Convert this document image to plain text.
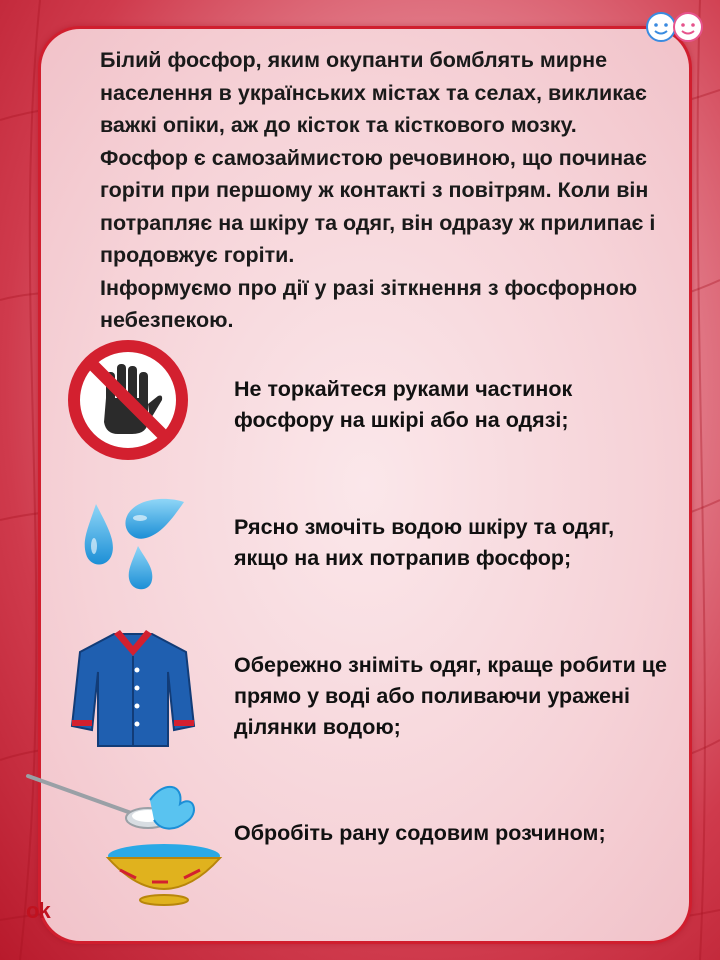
Білий фосфор, яким окупанти бомблять мирне населення в українських містах та селах, викликає важкі опіки, аж до кісток та кісткового мозку.

Фосфор є самозаймистою речовиною, що починає горіти при першому ж контакті з повітрям. Коли він потрапляє на шкіру та одяг, він одразу ж прилипає і продовжує горіти.

Інформуємо про дії у разі зіткнення з фосфорною небезпекою.

Не торкайтеся руками частинок фосфору на шкірі або на одязі;
Рясно змочіть водою шкіру та одяг, якщо на них потрапив фосфор;
Обережно зніміть одяг, краще робити це прямо у воді або поливаючи уражені ділянки водою;
Обробіть рану содовим розчином;
ok
